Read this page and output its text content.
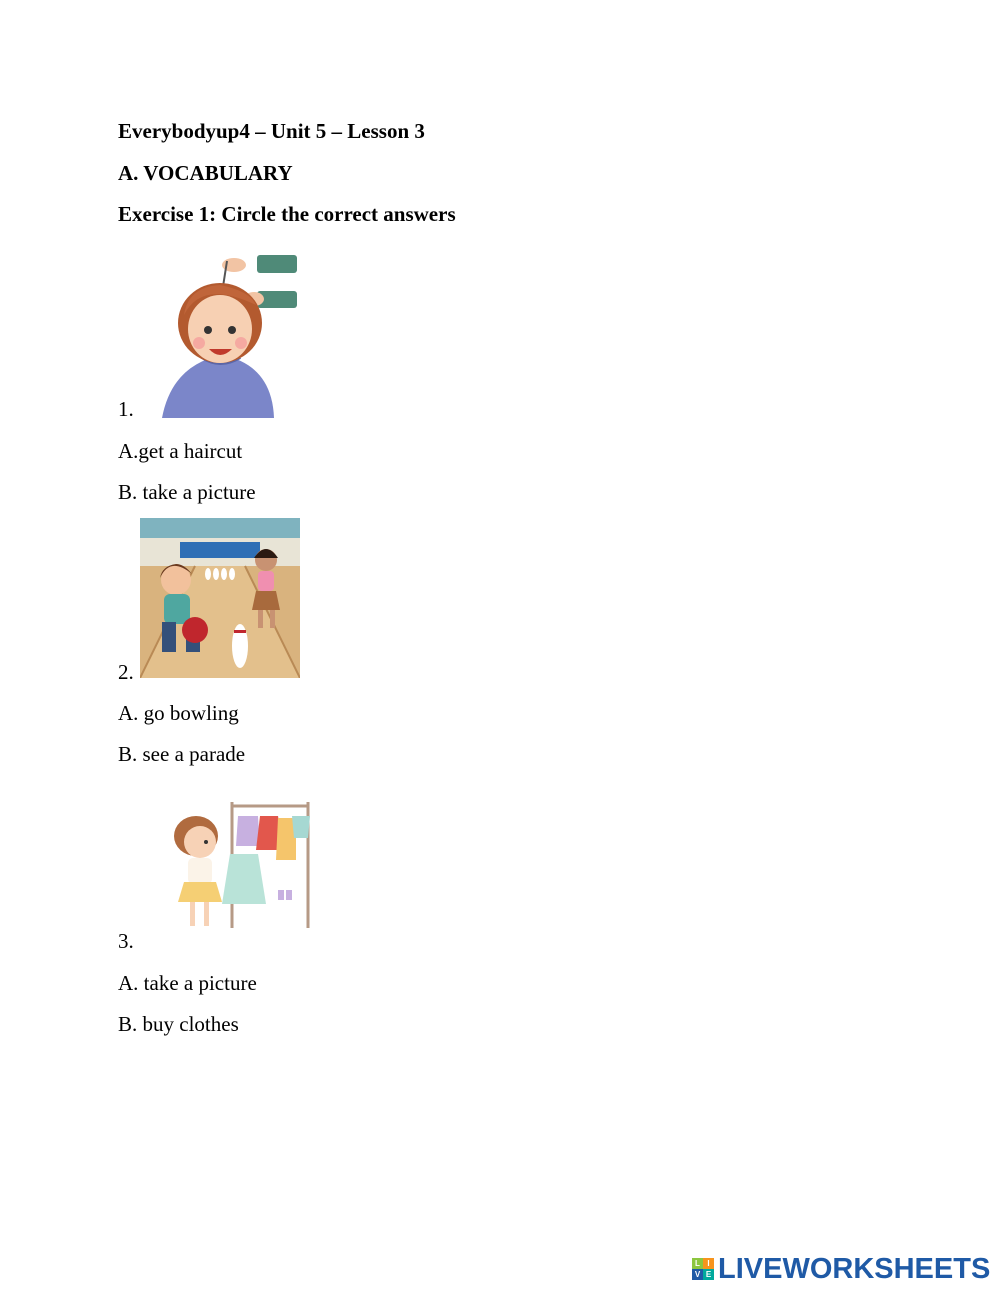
Everybodyup4 – Unit 5 – Lesson 3
A. VOCABULARY
Exercise 1: Circle the correct answers
1.
A.get a haircut
B. take a picture
2.
A. go bowling
B. see a parade
3.
A. take a picture
B. buy clothes
L I
V E LIVEWORKSHEETS
